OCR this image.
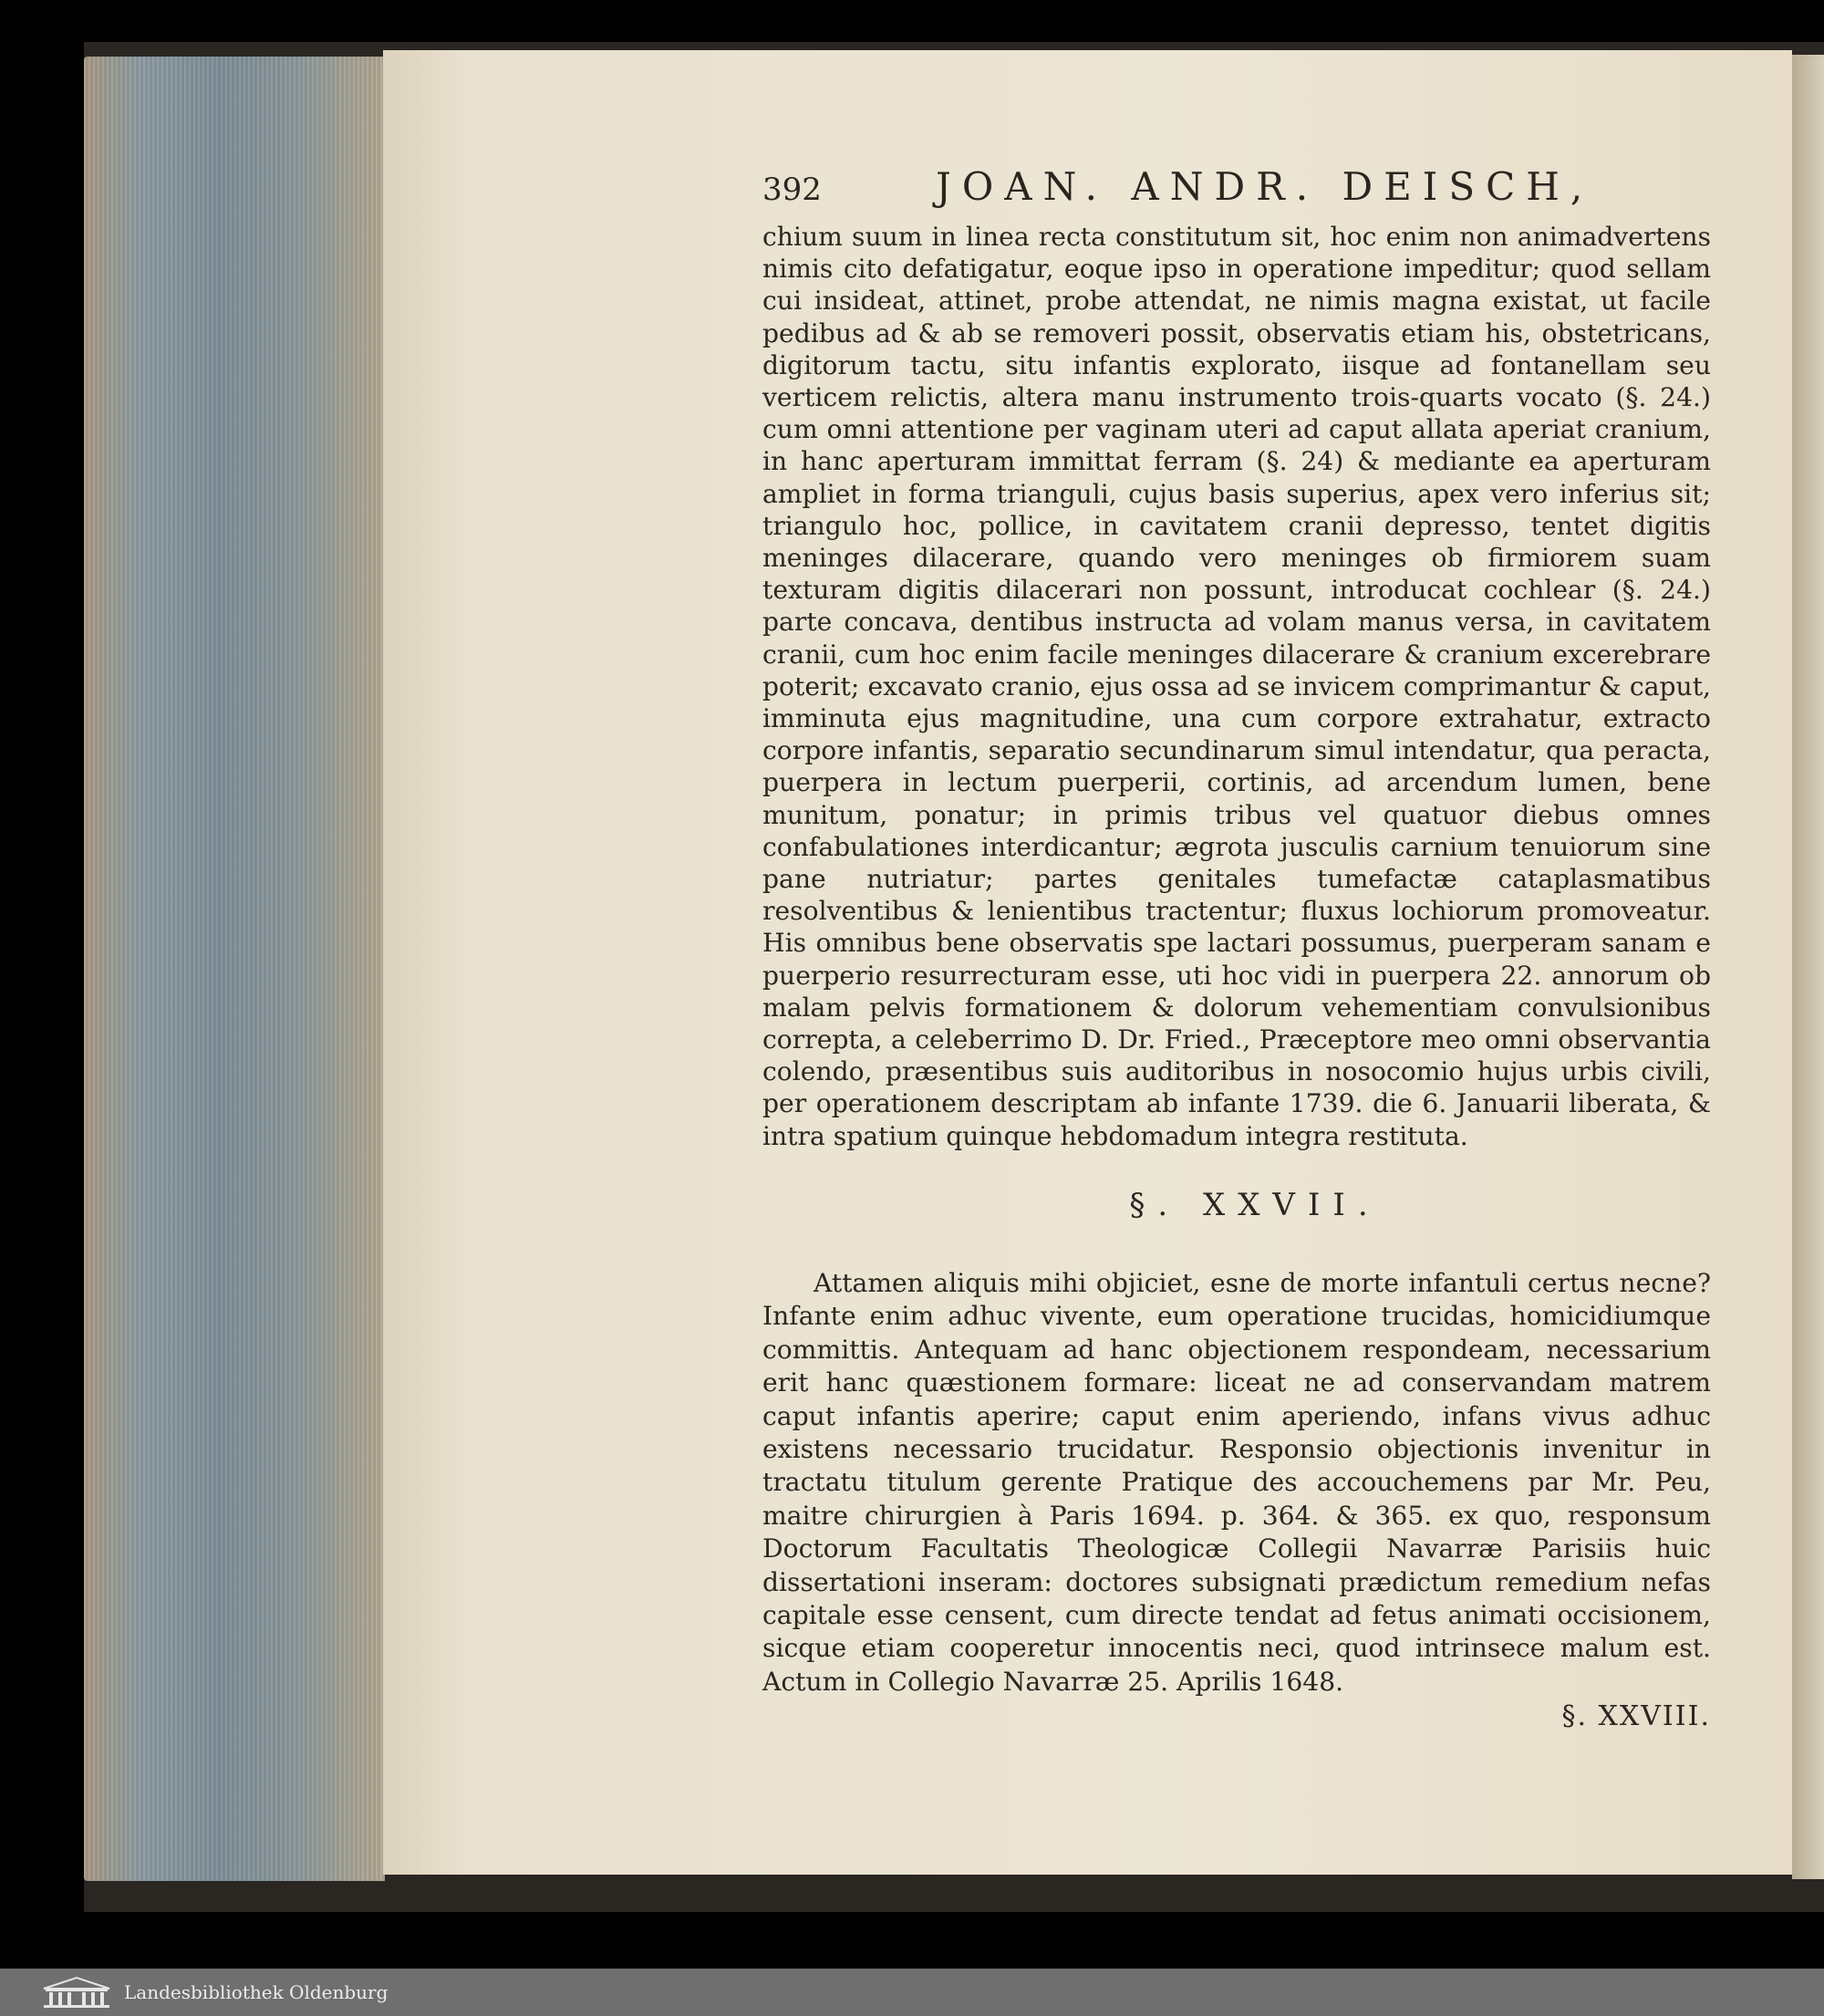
392	JOAN. ANDR. DEISCH,
chium suum in linea recta constitutum sit, hoc enim non animadvertens nimis cito defatigatur, eoque ipso in operatione impeditur; quod sellam cui insideat, attinet, probe attendat, ne nimis magna existat, ut facile pedibus ad & ab se removeri possit, observatis etiam his, obstetricans, digitorum tactu, situ infantis explorato, iisque ad fontanellam seu verticem relictis, altera manu instrumento trois-quarts vocato (§. 24.) cum omni attentione per vaginam uteri ad caput allata aperiat cranium, in hanc aperturam immittat ferram (§. 24) & mediante ea aperturam ampliet in forma trianguli, cujus basis superius, apex vero inferius sit; triangulo hoc, pollice, in cavitatem cranii depresso, tentet digitis meninges dilacerare, quando vero meninges ob firmiorem suam texturam digitis dilacerari non possunt, introducat cochlear (§. 24.) parte concava, dentibus instructa ad volam manus versa, in cavitatem cranii, cum hoc enim facile meninges dilacerare & cranium excerebrare poterit; excavato cranio, ejus ossa ad se invicem comprimantur & caput, imminuta ejus magnitudine, una cum corpore extrahatur, extracto corpore infantis, separatio secundinarum simul intendatur, qua peracta, puerpera in lectum puerperii, cortinis, ad arcendum lumen, bene munitum, ponatur; in primis tribus vel quatuor diebus omnes confabulationes interdicantur; ægrota jusculis carnium tenuiorum sine pane nutriatur; partes genitales tumefactæ cataplasmatibus resolventibus & lenientibus tractentur; fluxus lochiorum promoveatur. His omnibus bene observatis spe lactari possumus, puerperam sanam e puerperio resurrecturam esse, uti hoc vidi in puerpera 22. annorum ob malam pelvis formationem & dolorum vehementiam convulsionibus correpta, a celeberrimo D. Dr. Fried., Præceptore meo omni observantia colendo, præsentibus suis auditoribus in nosocomio hujus urbis civili, per operationem descriptam ab infante 1739. die 6. Januarii liberata, & intra spatium quinque hebdomadum integra restituta.
§. XXVII.
Attamen aliquis mihi objiciet, esne de morte infantuli certus necne? Infante enim adhuc vivente, eum operatione trucidas, homicidiumque committis. Antequam ad hanc objectionem respondeam, necessarium erit hanc quæstionem formare: liceat ne ad conservandam matrem caput infantis aperire; caput enim aperiendo, infans vivus adhuc existens necessario trucidatur. Responsio objectionis invenitur in tractatu titulum gerente Pratique des accouchemens par Mr. Peu, maitre chirurgien à Paris 1694. p. 364. & 365. ex quo, responsum Doctorum Facultatis Theologicæ Collegii Navarræ Parisiis huic dissertationi inseram: doctores subsignati prædictum remedium nefas capitale esse censent, cum directe tendat ad fetus animati occisionem, sicque etiam cooperetur innocentis neci, quod intrinsece malum est. Actum in Collegio Navarræ 25. Aprilis 1648.
§. XXVIII.
Landesbibliothek Oldenburg
